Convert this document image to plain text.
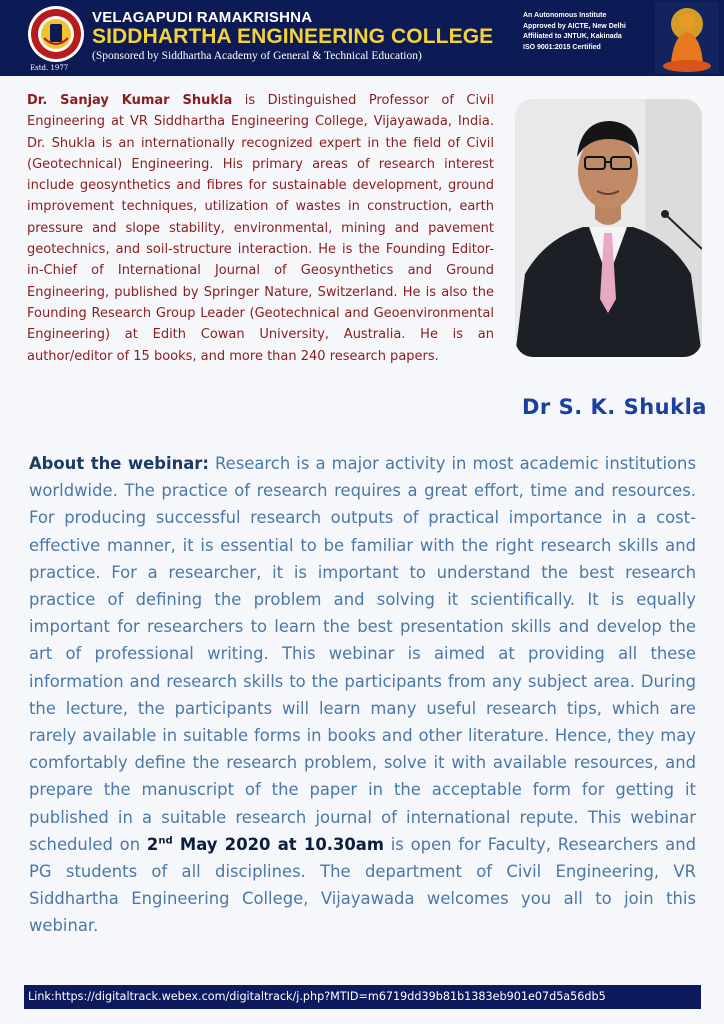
Estd. 1977
VELAGAPUDI RAMAKRISHNA
SIDDHARTHA ENGINEERING COLLEGE
(Sponsored by Siddhartha Academy of General & Technical Education)
An Autonomous Institute
Approved by AICTE, New Delhi
Affiliated to JNTUK, Kakinada
ISO 9001:2015 Certified
Dr. Sanjay Kumar Shukla is Distinguished Professor of Civil Engineering at VR Siddhartha Engineering College, Vijayawada, India. Dr. Shukla is an internationally recognized expert in the field of Civil (Geotechnical) Engineering. His primary areas of research interest include geosynthetics and fibres for sustainable development, ground improvement techniques, utilization of wastes in construction, earth pressure and slope stability, environmental, mining and pavement geotechnics, and soil-structure interaction. He is the Founding Editor-in-Chief of International Journal of Geosynthetics and Ground Engineering, published by Springer Nature, Switzerland. He is also the Founding Research Group Leader (Geotechnical and Geoenvironmental Engineering) at Edith Cowan University, Australia. He is an author/editor of 15 books, and more than 240 research papers.
Dr S. K. Shukla
About the webinar: Research is a major activity in most academic institutions worldwide. The practice of research requires a great effort, time and resources. For producing successful research outputs of practical importance in a cost-effective manner, it is essential to be familiar with the right research skills and practice. For a researcher, it is important to understand the best research practice of defining the problem and solving it scientifically. It is equally important for researchers to learn the best presentation skills and develop the art of professional writing. This webinar is aimed at providing all these information and research skills to the participants from any subject area. During the lecture, the participants will learn many useful research tips, which are rarely available in suitable forms in books and other literature. Hence, they may comfortably define the research problem, solve it with available resources, and prepare the manuscript of the paper in the acceptable form for getting it published in a suitable research journal of international repute. This webinar scheduled on 2nd May 2020 at 10.30am is open for Faculty, Researchers and PG students of all disciplines. The department of Civil Engineering, VR Siddhartha Engineering College, Vijayawada welcomes you all to join this webinar.
Link:https://digitaltrack.webex.com/digitaltrack/j.php?MTID=m6719dd39b81b1383eb901e07d5a56db5
